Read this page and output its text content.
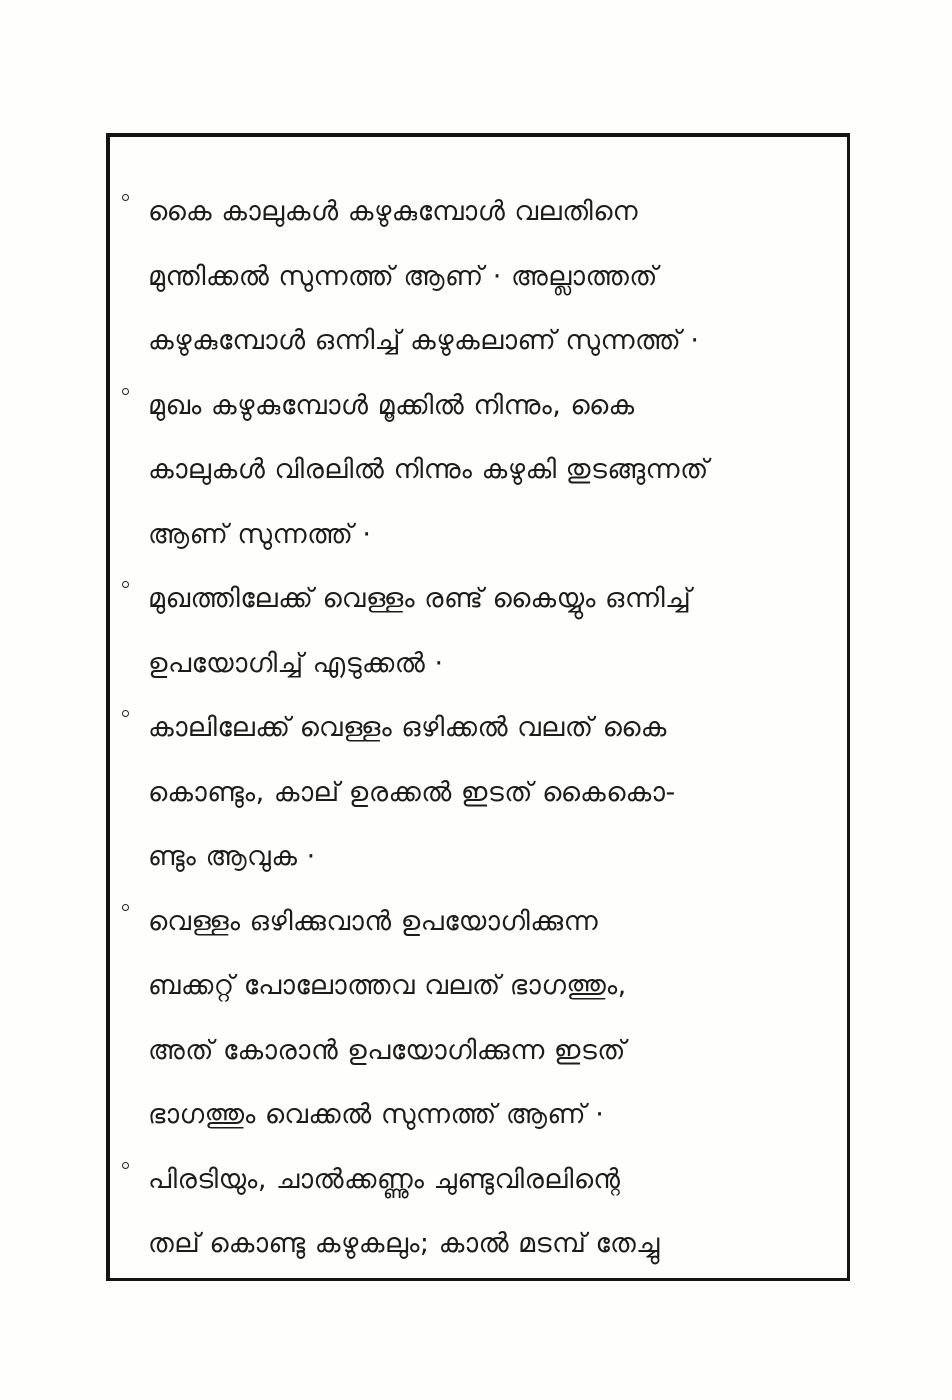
കൈ കാലുകൾ കഴുകുമ്പോൾ വലതിനെ
മുന്തിക്കൽ സുന്നത്ത് ആണ് · അല്ലാത്തത്
കഴുകുമ്പോൾ ഒന്നിച്ച് കഴുകലാണ് സുന്നത്ത് ·
മുഖം കഴുകുമ്പോൾ മൂക്കിൽ നിന്നും, കൈ
കാലുകൾ വിരലിൽ നിന്നും കഴുകി തുടങ്ങുന്നത്
ആണ് സുന്നത്ത് ·
മുഖത്തിലേക്ക് വെള്ളം രണ്ട് കൈയ്യും ഒന്നിച്ച്
ഉപയോഗിച്ച് എടുക്കൽ ·
കാലിലേക്ക് വെള്ളം ഒഴിക്കൽ വലത് കൈ
കൊണ്ടും, കാല് ഉരക്കൽ ഇടത് കൈകൊ-
ണ്ടും ആവുക ·
വെള്ളം ഒഴിക്കുവാൻ ഉപയോഗിക്കുന്ന
ബക്കറ്റ് പോലോത്തവ വലത് ഭാഗത്തും,
അത് കോരാൻ ഉപയോഗിക്കുന്ന ഇടത്
ഭാഗത്തും വെക്കൽ സുന്നത്ത് ആണ് ·
പിരടിയും, ചാൽക്കണ്ണും ചുണ്ടുവിരലിന്റെ
തല് കൊണ്ടു കഴുകലും; കാൽ മടമ്പ് തേച്ചു
